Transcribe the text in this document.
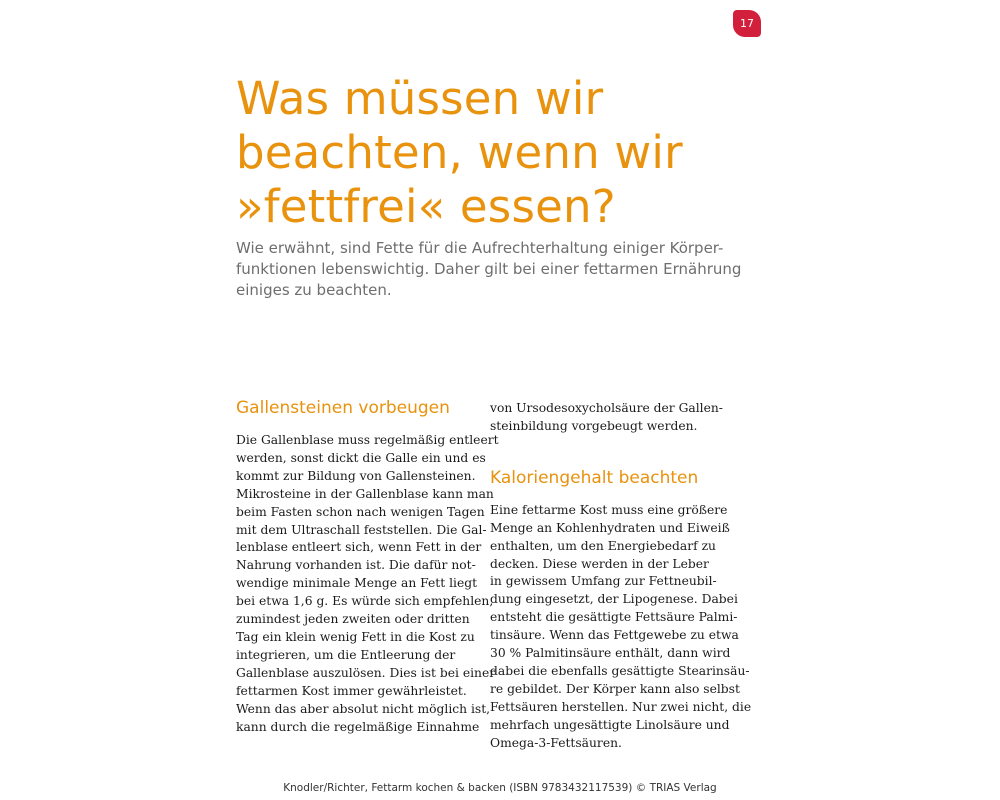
17
Was müssen wir
beachten, wenn wir
»fettfrei« essen?
Wie erwähnt, sind Fette für die Aufrechterhaltung einiger Körper-
funktionen lebenswichtig. Daher gilt bei einer fettarmen Ernährung
einiges zu beachten.
Gallensteinen vorbeugen
Die Gallenblase muss regelmäßig entleert
werden, sonst dickt die Galle ein und es
kommt zur Bildung von Gallensteinen.
Mikrosteine in der Gallenblase kann man
beim Fasten schon nach wenigen Tagen
mit dem Ultraschall feststellen. Die Gal-
lenblase entleert sich, wenn Fett in der
Nahrung vorhanden ist. Die dafür not-
wendige minimale Menge an Fett liegt
bei etwa 1,6 g. Es würde sich empfehlen,
zumindest jeden zweiten oder dritten
Tag ein klein wenig Fett in die Kost zu
integrieren, um die Entleerung der
Gallenblase auszulösen. Dies ist bei einer
fettarmen Kost immer gewährleistet.
Wenn das aber absolut nicht möglich ist,
kann durch die regelmäßige Einnahme
von Ursodesoxycholsäure der Gallen-
steinbildung vorgebeugt werden.
Kaloriengehalt beachten
Eine fettarme Kost muss eine größere
Menge an Kohlenhydraten und Eiweiß
enthalten, um den Energiebedarf zu
decken. Diese werden in der Leber
in gewissem Umfang zur Fettneubil-
dung eingesetzt, der Lipogenese. Dabei
entsteht die gesättigte Fettsäure Palmi-
tinsäure. Wenn das Fettgewebe zu etwa
30 % Palmitinsäure enthält, dann wird
dabei die ebenfalls gesättigte Stearinsäu-
re gebildet. Der Körper kann also selbst
Fettsäuren herstellen. Nur zwei nicht, die
mehrfach ungesättigte Linolsäure und
Omega-3-Fettsäuren.
Knodler/Richter, Fettarm kochen & backen (ISBN 9783432117539) © TRIAS Verlag
